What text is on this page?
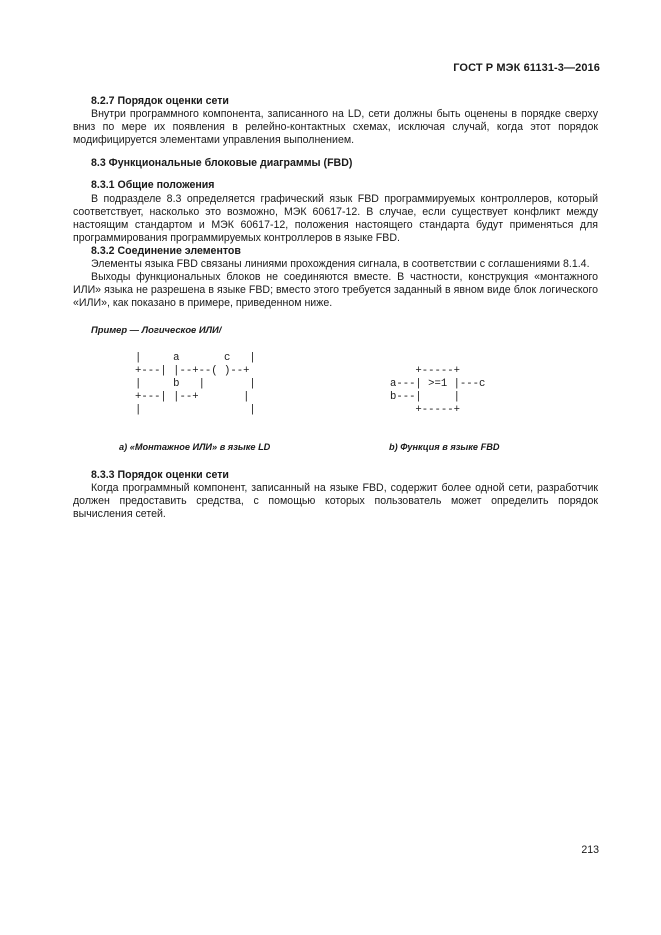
ГОСТ Р МЭК 61131-3—2016

8.2.7 Порядок оценки сети

Внутри программного компонента, записанного на LD, сети должны быть оценены в порядке сверху вниз по мере их появления в релейно-контактных схемах, исключая случай, когда этот порядок модифицируется элементами управления выполнением.

8.3 Функциональные блоковые диаграммы (FBD)

8.3.1 Общие положения

В подразделе 8.3 определяется графический язык FBD программируемых контроллеров, который соответствует, насколько это возможно, МЭК 60617-12. В случае, если существует конфликт между настоящим стандартом и МЭК 60617-12, положения настоящего стандарта будут применяться для программирования программируемых контроллеров в языке FBD.

8.3.2 Соединение элементов

Элементы языка FBD связаны линиями прохождения сигнала, в соответствии с соглашениями 8.1.4.

Выходы функциональных блоков не соединяются вместе. В частности, конструкция «монтажного ИЛИ» языка не разрешена в языке FBD; вместо этого требуется заданный в явном виде блок логического «ИЛИ», как показано в примере, приведенном ниже.

Пример — Логическое ИЛИ/
|     a       c   |
+---| |--+--( )--+
|     b   |       |
+---| |--+       |
|                 |
+-----+
a---| >=1 |---c
b---|     |
+-----+
а) «Монтажное ИЛИ» в языке LD	b) Функция в языке FBD

8.3.3 Порядок оценки сети

Когда программный компонент, записанный на языке FBD, содержит более одной сети, разработчик должен предоставить средства, с помощью которых пользователь может определить порядок вычисления сетей.

213
